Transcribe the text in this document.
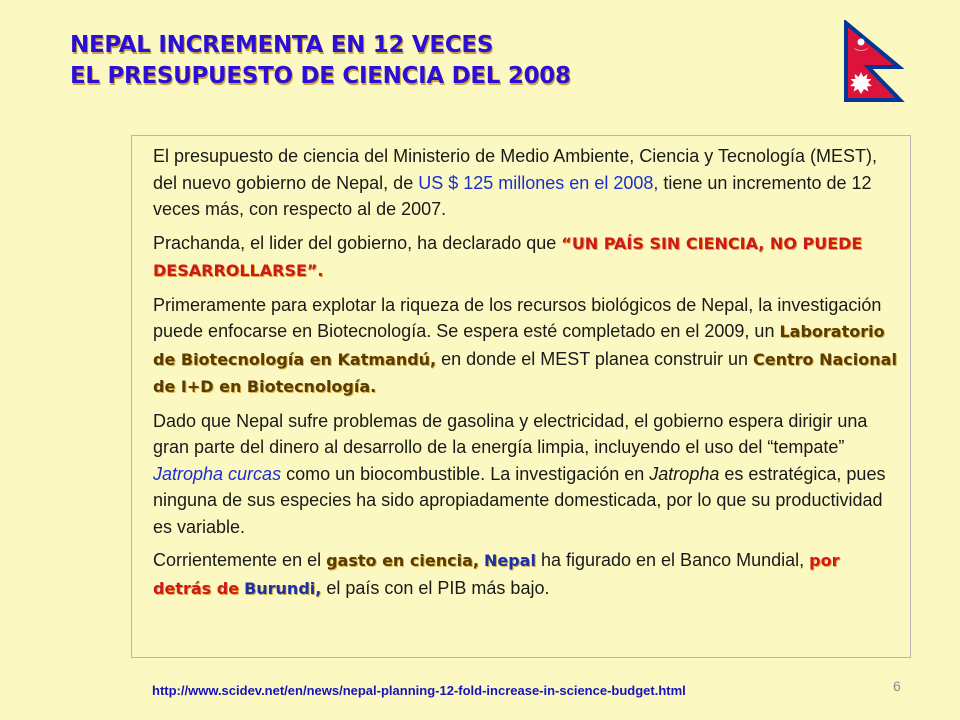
NEPAL INCREMENTA EN 12 VECES
EL PRESUPUESTO DE CIENCIA DEL 2008

El presupuesto de ciencia del Ministerio de Medio Ambiente, Ciencia y Tecnología (MEST), del nuevo gobierno de Nepal, de US $ 125 millones en el 2008, tiene un incremento de 12 veces más, con respecto al de 2007.

Prachanda, el lider del gobierno, ha declarado que “UN PAÍS SIN CIENCIA, NO PUEDE DESARROLLARSE”.

Primeramente para explotar la riqueza de los recursos biológicos de Nepal, la investigación puede enfocarse en Biotecnología. Se espera esté completado en el 2009, un Laboratorio de Biotecnología en Katmandú, en donde el MEST planea construir un Centro Nacional de I+D en Biotecnología.

Dado que Nepal sufre problemas de gasolina y electricidad, el gobierno espera dirigir una gran parte del dinero al desarrollo de la energía limpia, incluyendo el uso del “tempate” Jatropha curcas como un biocombustible. La investigación en Jatropha es estratégica, pues ninguna de sus especies ha sido apropiadamente domesticada, por lo que su productividad es variable.

Corrientemente en el gasto en ciencia, Nepal ha figurado en el Banco Mundial, por detrás de Burundi, el país con el PIB más bajo.

http://www.scidev.net/en/news/nepal-planning-12-fold-increase-in-science-budget.html	6
